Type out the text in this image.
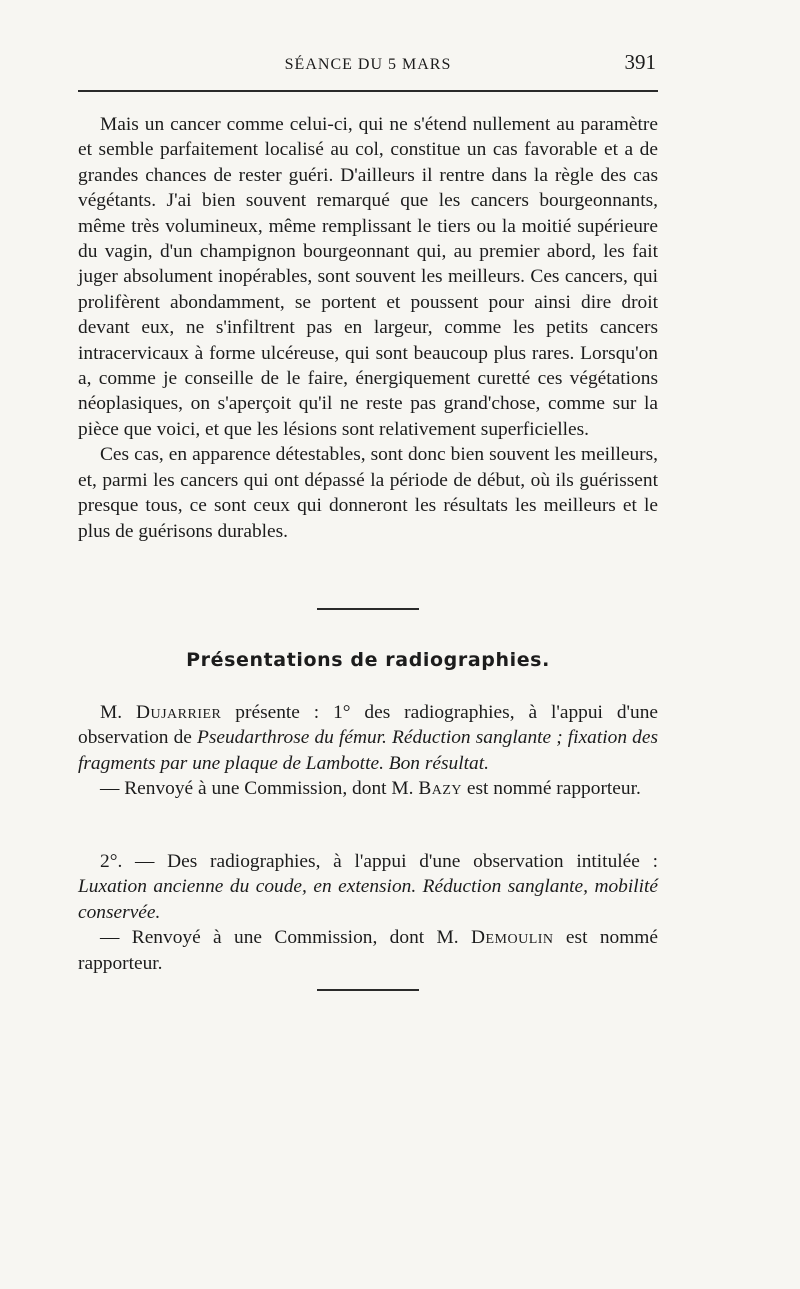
SÉANCE DU 5 MARS	391

Mais un cancer comme celui-ci, qui ne s'étend nullement au paramètre et semble parfaitement localisé au col, constitue un cas favorable et a de grandes chances de rester guéri. D'ailleurs il rentre dans la règle des cas végétants. J'ai bien souvent remarqué que les cancers bourgeonnants, même très volumineux, même remplissant le tiers ou la moitié supérieure du vagin, d'un champignon bourgeonnant qui, au premier abord, les fait juger absolument inopérables, sont souvent les meilleurs. Ces cancers, qui prolifèrent abondamment, se portent et poussent pour ainsi dire droit devant eux, ne s'infiltrent pas en largeur, comme les petits cancers intracervicaux à forme ulcéreuse, qui sont beaucoup plus rares. Lorsqu'on a, comme je conseille de le faire, énergiquement curetté ces végétations néoplasiques, on s'aperçoit qu'il ne reste pas grand'chose, comme sur la pièce que voici, et que les lésions sont relativement superficielles.

Ces cas, en apparence détestables, sont donc bien souvent les meilleurs, et, parmi les cancers qui ont dépassé la période de début, où ils guérissent presque tous, ce sont ceux qui donneront les résultats les meilleurs et le plus de guérisons durables.

Présentations de radiographies.

M. Dujarrier présente : 1° des radiographies, à l'appui d'une observation de Pseudarthrose du fémur. Réduction sanglante ; fixation des fragments par une plaque de Lambotte. Bon résultat.

— Renvoyé à une Commission, dont M. Bazy est nommé rapporteur.

2°. — Des radiographies, à l'appui d'une observation intitulée : Luxation ancienne du coude, en extension. Réduction sanglante, mobilité conservée.

— Renvoyé à une Commission, dont M. Demoulin est nommé rapporteur.
